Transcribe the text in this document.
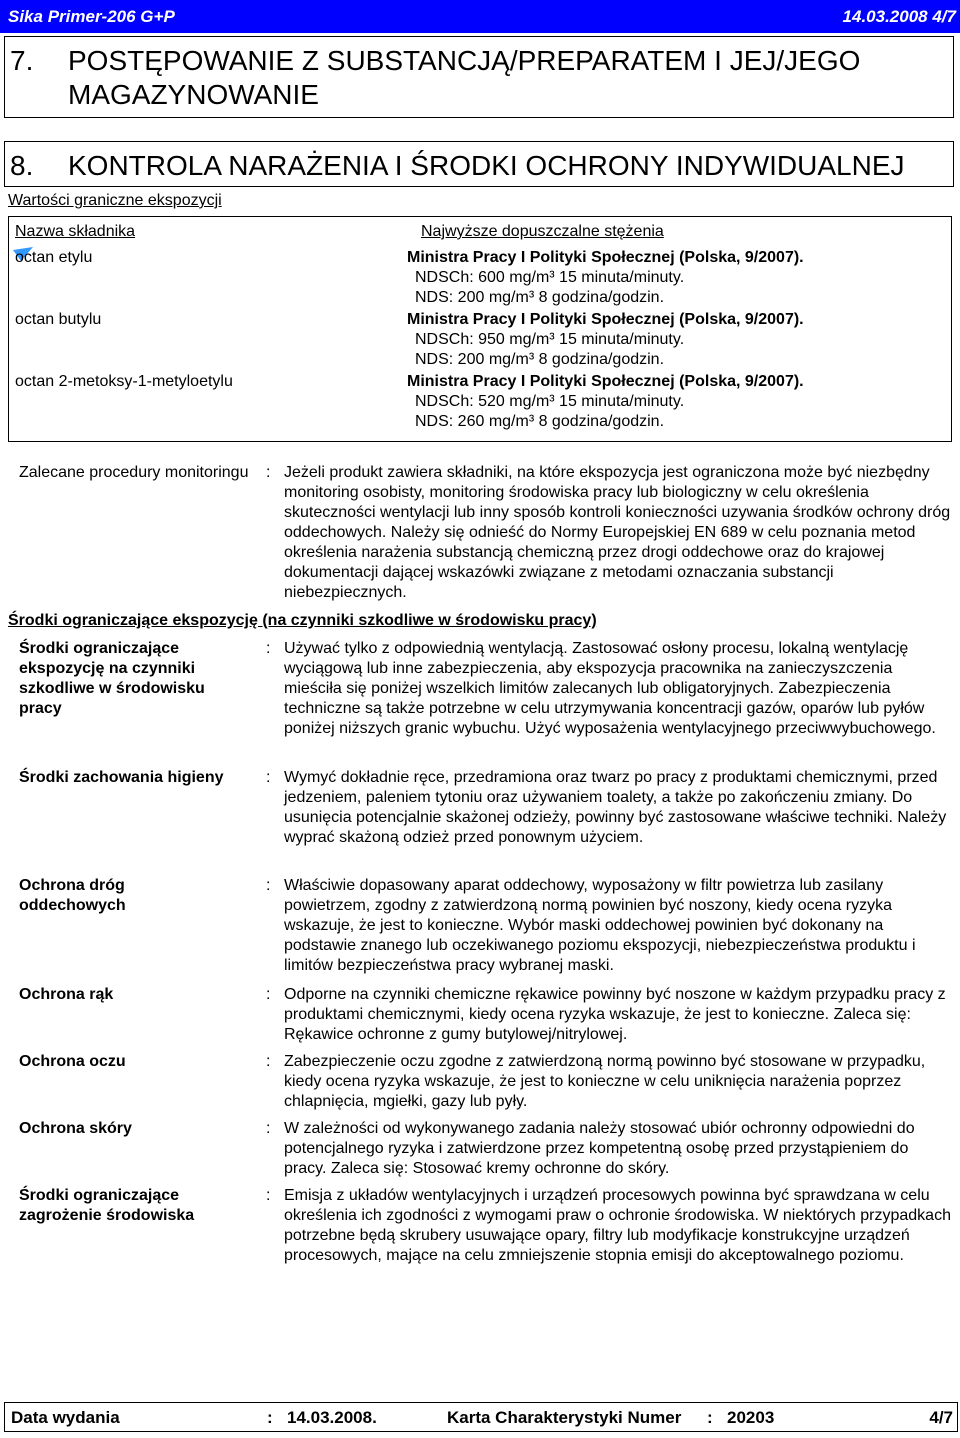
Sika Primer-206 G+P	14.03.2008 4/7
7. POSTĘPOWANIE Z SUBSTANCJĄ/PREPARATEM I JEJ/JEGO MAGAZYNOWANIE
8. KONTROLA NARAŻENIA I ŚRODKI OCHRONY INDYWIDUALNEJ
Wartości graniczne ekspozycji
Nazwa składnika	Najwyższe dopuszczalne stężenia
octan etylu	Ministra Pracy I Polityki Społecznej (Polska, 9/2007).
NDSCh: 600 mg/m³ 15 minuta/minuty.
NDS: 200 mg/m³ 8 godzina/godzin.
octan butylu	Ministra Pracy I Polityki Społecznej (Polska, 9/2007).
NDSCh: 950 mg/m³ 15 minuta/minuty.
NDS: 200 mg/m³ 8 godzina/godzin.
octan 2-metoksy-1-metyloetylu	Ministra Pracy I Polityki Społecznej (Polska, 9/2007).
NDSCh: 520 mg/m³ 15 minuta/minuty.
NDS: 260 mg/m³ 8 godzina/godzin.
Zalecane procedury monitoringu	: Jeżeli produkt zawiera składniki, na które ekspozycja jest ograniczona może być niezbędny monitoring osobisty, monitoring środowiska pracy lub biologiczny w celu określenia skuteczności wentylacji lub inny sposób kontroli konieczności uzywania środków ochrony dróg oddechowych. Należy się odnieść do Normy Europejskiej EN 689 w celu poznania metod określenia narażenia substancją chemiczną przez drogi oddechowe oraz do krajowej dokumentacji dającej wskazówki związane z metodami oznaczania substancji niebezpiecznych.
Środki ograniczające ekspozycję (na czynniki szkodliwe w środowisku pracy)
Środki ograniczające ekspozycję na czynniki szkodliwe w środowisku pracy
: Używać tylko z odpowiednią wentylacją. Zastosować osłony procesu, lokalną wentylację wyciągową lub inne zabezpieczenia, aby ekspozycja pracownika na zanieczyszczenia mieściła się poniżej wszelkich limitów zalecanych lub obligatoryjnych. Zabezpieczenia techniczne są także potrzebne w celu utrzymywania koncentracji gazów, oparów lub pyłów poniżej niższych granic wybuchu. Użyć wyposażenia wentylacyjnego przeciwwybuchowego.
Środki zachowania higieny	: Wymyć dokładnie ręce, przedramiona oraz twarz po pracy z produktami chemicznymi, przed jedzeniem, paleniem tytoniu oraz używaniem toalety, a także po zakończeniu zmiany. Do usunięcia potencjalnie skażonej odzieży, powinny być zastosowane właściwe techniki. Należy wyprać skażoną odzież przed ponownym użyciem.
Ochrona dróg oddechowych
: Właściwie dopasowany aparat oddechowy, wyposażony w filtr powietrza lub zasilany powietrzem, zgodny z zatwierdzoną normą powinien być noszony, kiedy ocena ryzyka wskazuje, że jest to konieczne. Wybór maski oddechowej powinien być dokonany na podstawie znanego lub oczekiwanego poziomu ekspozycji, niebezpieczeństwa produktu i limitów bezpieczeństwa pracy wybranej maski.
Ochrona rąk	: Odporne na czynniki chemiczne rękawice powinny być noszone w każdym przypadku pracy z produktami chemicznymi, kiedy ocena ryzyka wskazuje, że jest to konieczne. Zaleca się: Rękawice ochronne z gumy butylowej/nitrylowej.
Ochrona oczu	: Zabezpieczenie oczu zgodne z zatwierdzoną normą powinno być stosowane w przypadku, kiedy ocena ryzyka wskazuje, że jest to konieczne w celu uniknięcia narażenia poprzez chlapnięcia, mgiełki, gazy lub pyły.
Ochrona skóry	: W zależności od wykonywanego zadania należy stosować ubiór ochronny odpowiedni do potencjalnego ryzyka i zatwierdzone przez kompetentną osobę przed przystąpieniem do pracy. Zaleca się: Stosować kremy ochronne do skóry.
Środki ograniczające zagrożenie środowiska
: Emisja z układów wentylacyjnych i urządzeń procesowych powinna być sprawdzana w celu określenia ich zgodności z wymogami praw o ochronie środowiska. W niektórych przypadkach potrzebne będą skrubery usuwające opary, filtry lub modyfikacje konstrukcyjne urządzeń procesowych, mające na celu zmniejszenie stopnia emisji do akceptowalnego poziomu.
Data wydania	: 14.03.2008.	Karta Charakterystyki Numer : 20203	4/7
